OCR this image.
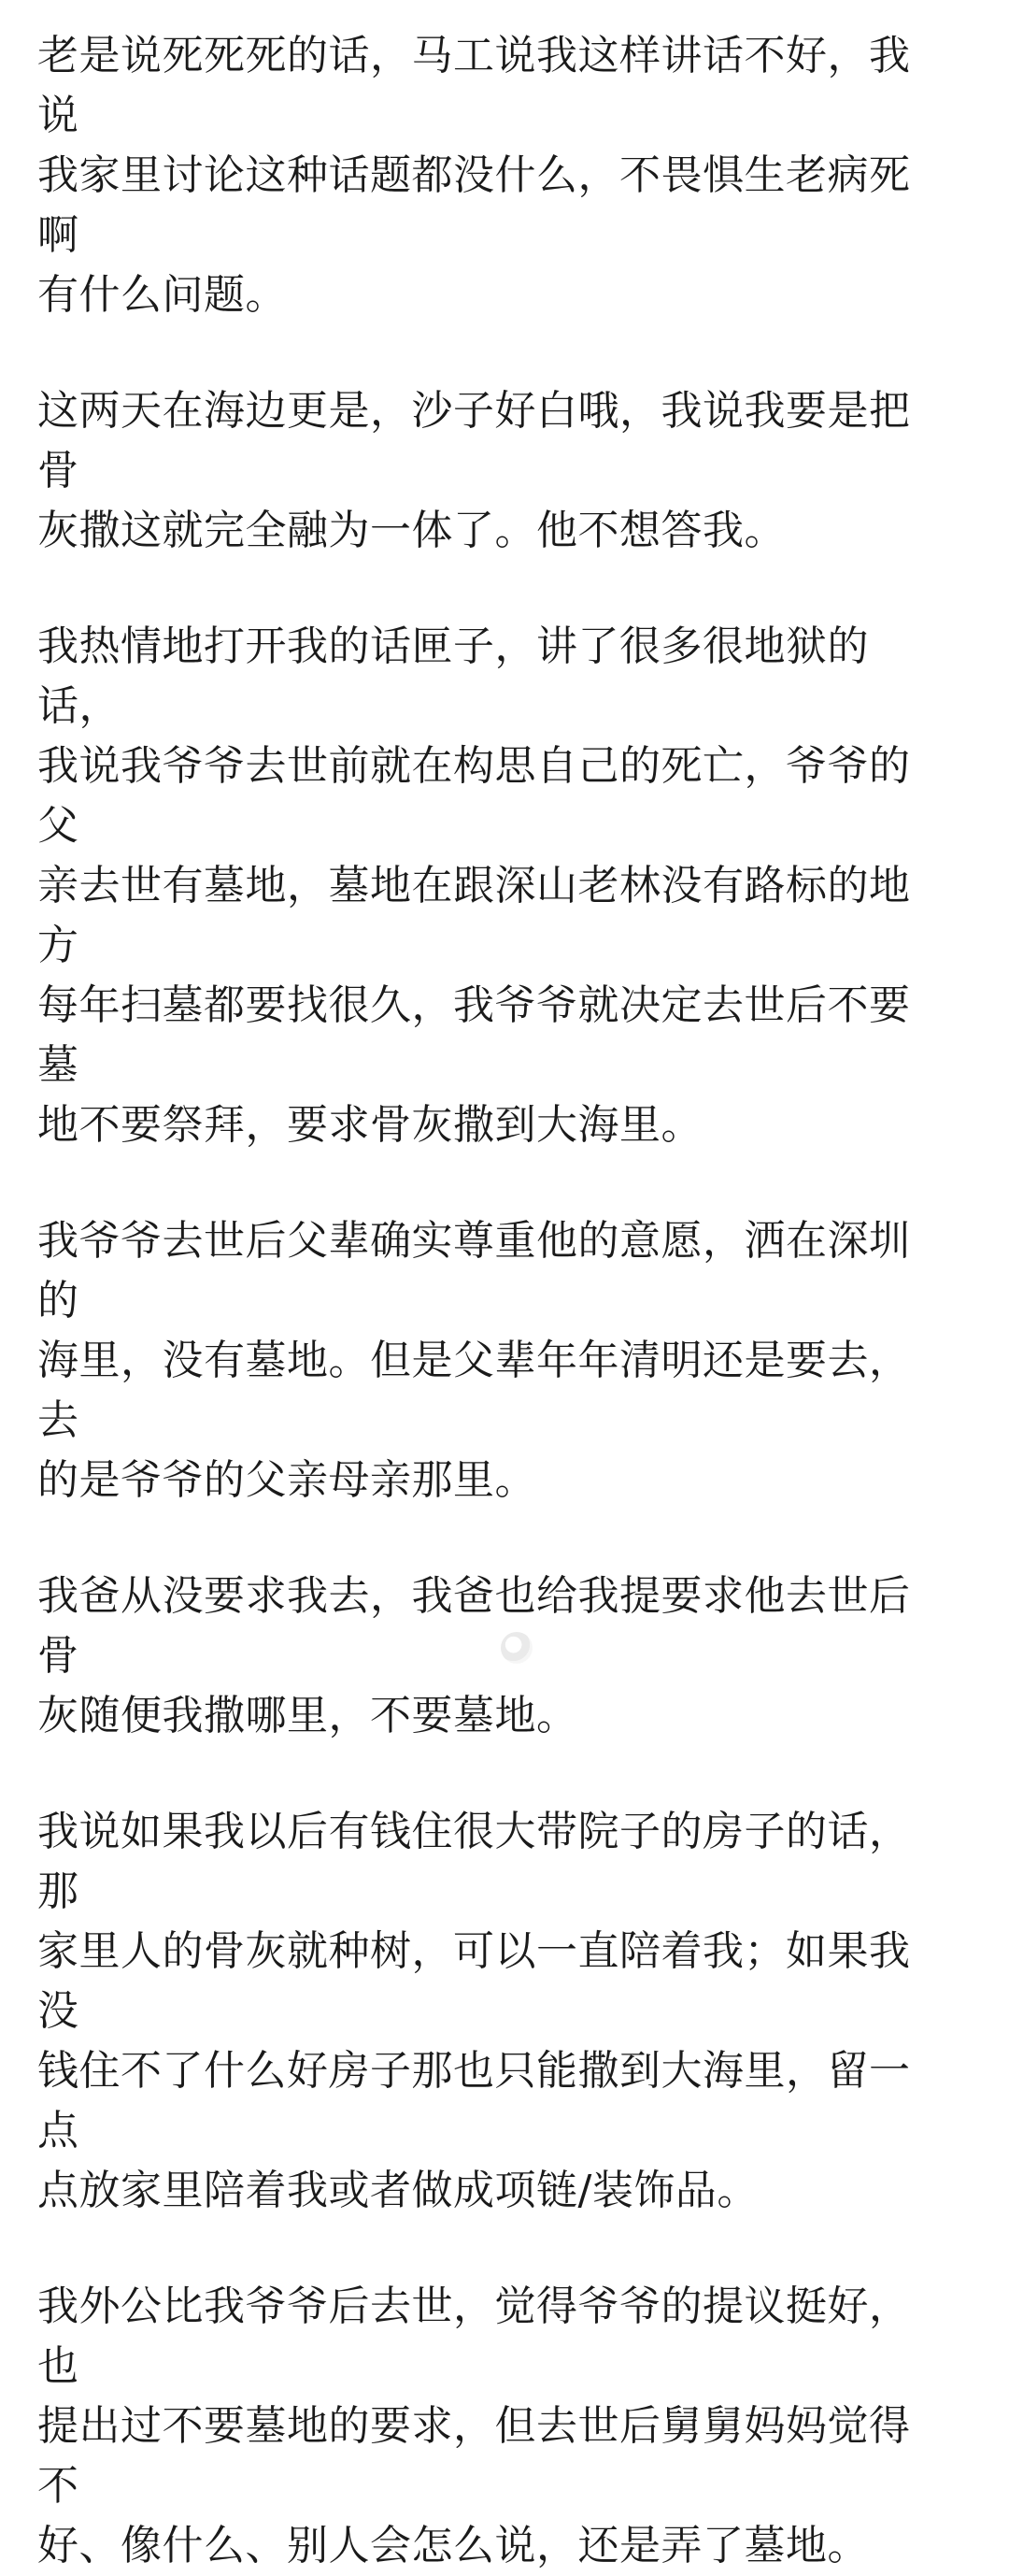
老是说死死死的话，马工说我这样讲话不好，我说
我家里讨论这种话题都没什么，不畏惧生老病死啊
有什么问题。

这两天在海边更是，沙子好白哦，我说我要是把骨
灰撒这就完全融为一体了。他不想答我。

我热情地打开我的话匣子，讲了很多很地狱的话，
我说我爷爷去世前就在构思自己的死亡，爷爷的父
亲去世有墓地，墓地在跟深山老林没有路标的地方
每年扫墓都要找很久，我爷爷就决定去世后不要墓
地不要祭拜，要求骨灰撒到大海里。

我爷爷去世后父辈确实尊重他的意愿，洒在深圳的
海里，没有墓地。但是父辈年年清明还是要去，去
的是爷爷的父亲母亲那里。

我爸从没要求我去，我爸也给我提要求他去世后骨
灰随便我撒哪里，不要墓地。

我说如果我以后有钱住很大带院子的房子的话，那
家里人的骨灰就种树，可以一直陪着我；如果我没
钱住不了什么好房子那也只能撒到大海里，留一点
点放家里陪着我或者做成项链/装饰品。

我外公比我爷爷后去世，觉得爷爷的提议挺好，也
提出过不要墓地的要求，但去世后舅舅妈妈觉得不
好、像什么、别人会怎么说，还是弄了墓地。
